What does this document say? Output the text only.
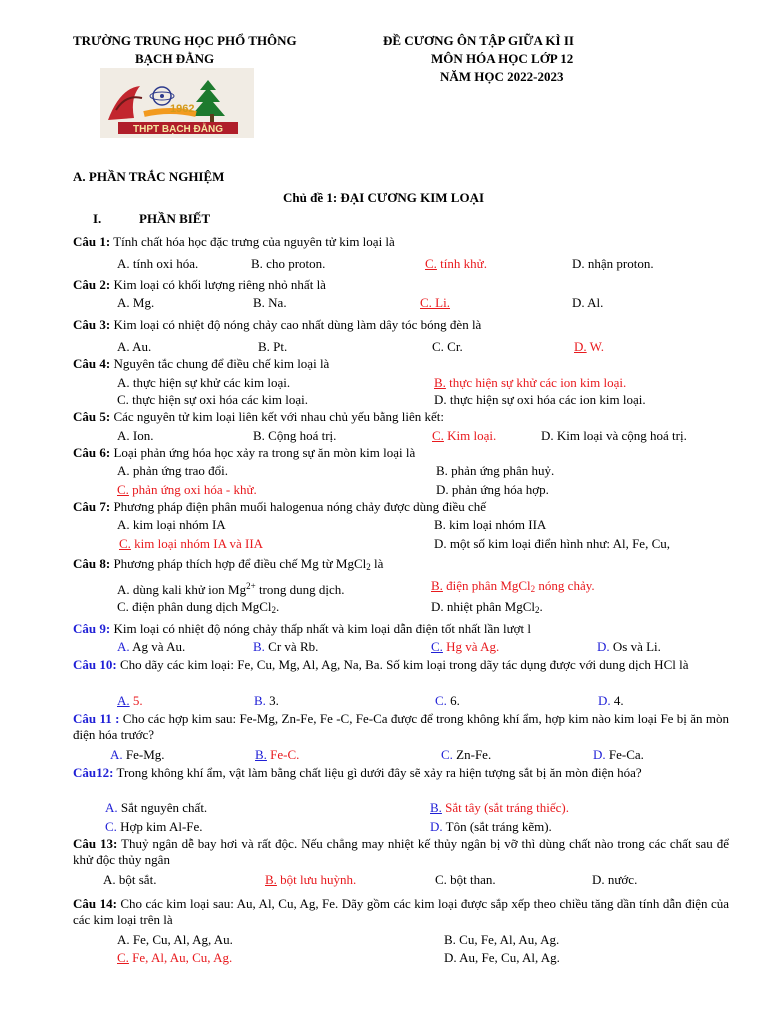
TRƯỜNG TRUNG HỌC PHỔ THÔNG
BẠCH ĐẰNG
ĐỀ CƯƠNG ÔN TẬP GIỮA KÌ II
MÔN HÓA HỌC LỚP 12
NĂM HỌC 2022-2023
1962
THPT BẠCH ĐẰNG
A. PHẦN TRẮC NGHIỆM
Chủ đề 1: ĐẠI CƯƠNG KIM LOẠI
I.	PHẦN BIẾT
Câu 1: Tính chất hóa học đặc trưng của nguyên tử kim loại là
A. tính oxi hóa.	B. cho proton.	C. tính khử.	D. nhận proton.
Câu 2: Kim loại có khối lượng riêng nhỏ nhất là
A. Mg.	B. Na.	C. Li.	D. Al.
Câu 3: Kim loại có nhiệt độ nóng chảy cao nhất dùng làm dây tóc bóng đèn là
A. Au.	B. Pt.	C. Cr.	D. W.
Câu 4: Nguyên tắc chung để điều chế kim loại là
A. thực hiện sự khử các kim loại.	B. thực hiện sự khử các ion kim loại.
C. thực hiện sự oxi hóa các kim loại.	D. thực hiện sự oxi hóa các ion kim loại.
Câu 5: Các nguyên tử kim loại liên kết với nhau chủ yếu bằng liên kết:
A. Ion.	B. Cộng hoá trị.	C. Kim loại.	D. Kim loại và cộng hoá trị.
Câu 6: Loại phản ứng hóa học xảy ra trong sự ăn mòn kim loại là
A. phản ứng trao đổi.	B. phản ứng phân huỷ.
C. phản ứng oxi hóa - khử.	D. phản ứng hóa hợp.
Câu 7: Phương pháp điện phân muối halogenua nóng chảy được dùng điều chế
A. kim loại nhóm IA	B. kim loại nhóm IIA
C. kim loại nhóm IA và IIA	D. một số kim loại điển hình như: Al, Fe, Cu,
Câu 8: Phương pháp thích hợp để điều chế Mg từ MgCl$_2$ là
A. dùng kali khử ion $Mg^{2+}$ trong dung dịch.	B. điện phân MgCl$_2$ nóng chảy.
C. điện phân dung dịch MgCl$_2$.	D. nhiệt phân MgCl$_2$.
Câu 9: Kim loại có nhiệt độ nóng chảy thấp nhất và kim loại dẫn điện tốt nhất lần lượt l
A. Ag và Au.	B. Cr và Rb.	C. Hg và Ag.	D. Os và Li.
Câu 10: Cho dãy các kim loại: Fe, Cu, Mg, Al, Ag, Na, Ba. Số kim loại trong dãy tác dụng được với dung dịch HCl là
A. 5.	B. 3.	C. 6.	D. 4.
Câu 11 : Cho các hợp kim sau: Fe-Mg, Zn-Fe, Fe -C, Fe-Ca được để trong không khí ẩm, hợp kim nào kim loại Fe bị ăn mòn điện hóa trước?
A. Fe-Mg.	B. Fe-C.	C. Zn-Fe.	D. Fe-Ca.
Câu12: Trong không khí ẩm, vật làm bằng chất liệu gì dưới đây sẽ xảy ra hiện tượng sắt bị ăn mòn điện hóa?
A. Sắt nguyên chất.	B. Sắt tây (sắt tráng thiếc).
C. Hợp kim Al-Fe.	D. Tôn (sắt tráng kẽm).
Câu 13: Thuỷ ngân dễ bay hơi và rất độc. Nếu chẳng may nhiệt kế thủy ngân bị vỡ thì dùng chất nào trong các chất sau để khử độc thủy ngân
A. bột sắt.	B. bột lưu huỳnh.	C. bột than.	D. nước.
Câu 14: Cho các kim loại sau: Au, Al, Cu, Ag, Fe. Dãy gồm các kim loại được sắp xếp theo chiều tăng dần tính dẫn điện của các kim loại trên là
A. Fe, Cu, Al, Ag, Au.	B. Cu, Fe, Al, Au, Ag.
C. Fe, Al, Au, Cu, Ag.	D. Au, Fe, Cu, Al, Ag.
